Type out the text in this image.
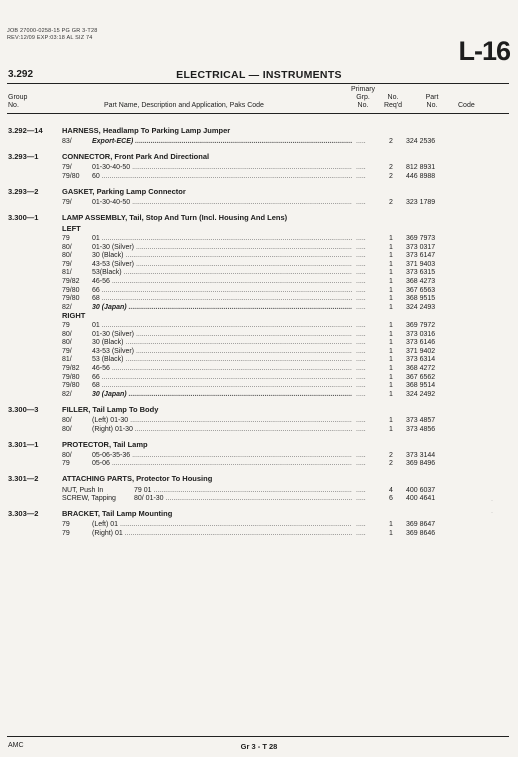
JOB 27000-0258-15 PG GR 3-T28
REV:12/09 EXP:03:18 AL SIZ 74	L-16
3.292	ELECTRICAL — INSTRUMENTS
Group
No.	Part Name, Description and Application, Paks Code
Primary
Grp.
No.
No.
Req'd
Part
No.	Code
3.292—14	HARNESS, Headlamp To Parking Lamp Jumper
83/	Export-ECE) .....	.....	2	324 2536
3.293—1	CONNECTOR, Front Park And Directional
79/	01-30-40-50 .....	.....	2	812 8931
79/80 60 .....	.....	2	446 8988
3.293—2	GASKET, Parking Lamp Connector
79/	01-30-40-50 .....	.....	2	323 1789
3.300—1	LAMP ASSEMBLY, Tail, Stop And Turn (Incl. Housing And Lens)
LEFT
79	01 .....	.....	1	369 7973
80/	01-30 (Silver) .....	.....	1	373 0317
80/	30 (Black) .....	.....	1	373 6147
79/	43-53 (Silver) .....	.....	1	371 9403
81/	53(Black) .....	.....	1	373 6315
79/82 46-56 .....	.....	1	368 4273
79/80 66 .....	.....	1	367 6563
79/80 68 .....	.....	1	368 9515
82/	30 (Japan) .....	.....	1	324 2493
RIGHT
79	01 .....	.....	1	369 7972
80/	01-30 (Silver) .....	.....	1	373 0316
80/	30 (Black) .....	.....	1	373 6146
79/	43-53 (Silver) .....	.....	1	371 9402
81/	53 (Black) .....	.....	1	373 6314
79/82 46-56 .....	.....	1	368 4272
79/80 66 .....	.....	1	367 6562
79/80 68 .....	.....	1	368 9514
82/	30 (Japan) .....	.....	1	324 2492
3.300—3	FILLER, Tail Lamp To Body
80/	(Left) 01-30 .....	.....	1	373 4857
80/	(Right) 01-30 .....	.....	1	373 4856
3.301—1	PROTECTOR, Tail Lamp
80/	05-06-35-36 .....	.....	2	373 3144
79	05-06 .....	.....	2	369 8496
3.301—2	ATTACHING PARTS, Protector To Housing
NUT, Push In	79 01 .....	.....	4	400 6037
SCREW, Tapping	80/ 01-30 .....	.....	6	400 4641
3.303—2	BRACKET, Tail Lamp Mounting
79	(Left) 01 .....	.....	1	369 8647
79	(Right) 01 .....	.....	1	369 8646
·
·
AMC	Gr 3 - T 28
